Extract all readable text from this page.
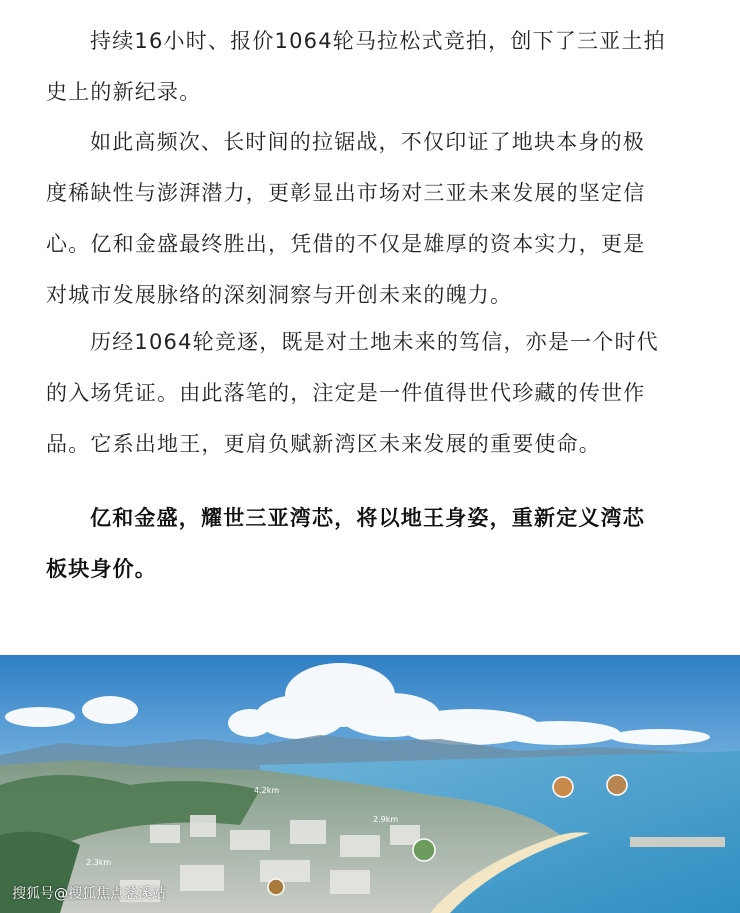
持续16小时、报价1064轮马拉松式竞拍，创下了三亚土拍
史上的新纪录。

如此高频次、长时间的拉锯战，不仅印证了地块本身的极
度稀缺性与澎湃潜力，更彰显出市场对三亚未来发展的坚定信
心。亿和金盛最终胜出，凭借的不仅是雄厚的资本实力，更是
对城市发展脉络的深刻洞察与开创未来的魄力。

历经1064轮竞逐，既是对土地未来的笃信，亦是一个时代
的入场凭证。由此落笔的，注定是一件值得世代珍藏的传世作
品。它系出地王，更肩负赋新湾区未来发展的重要使命。

亿和金盛，耀世三亚湾芯，将以地王身姿，重新定义湾芯
板块身价。

4.2km
2.9km
2.3km
搜狐号@搜狐焦点慈溪站
